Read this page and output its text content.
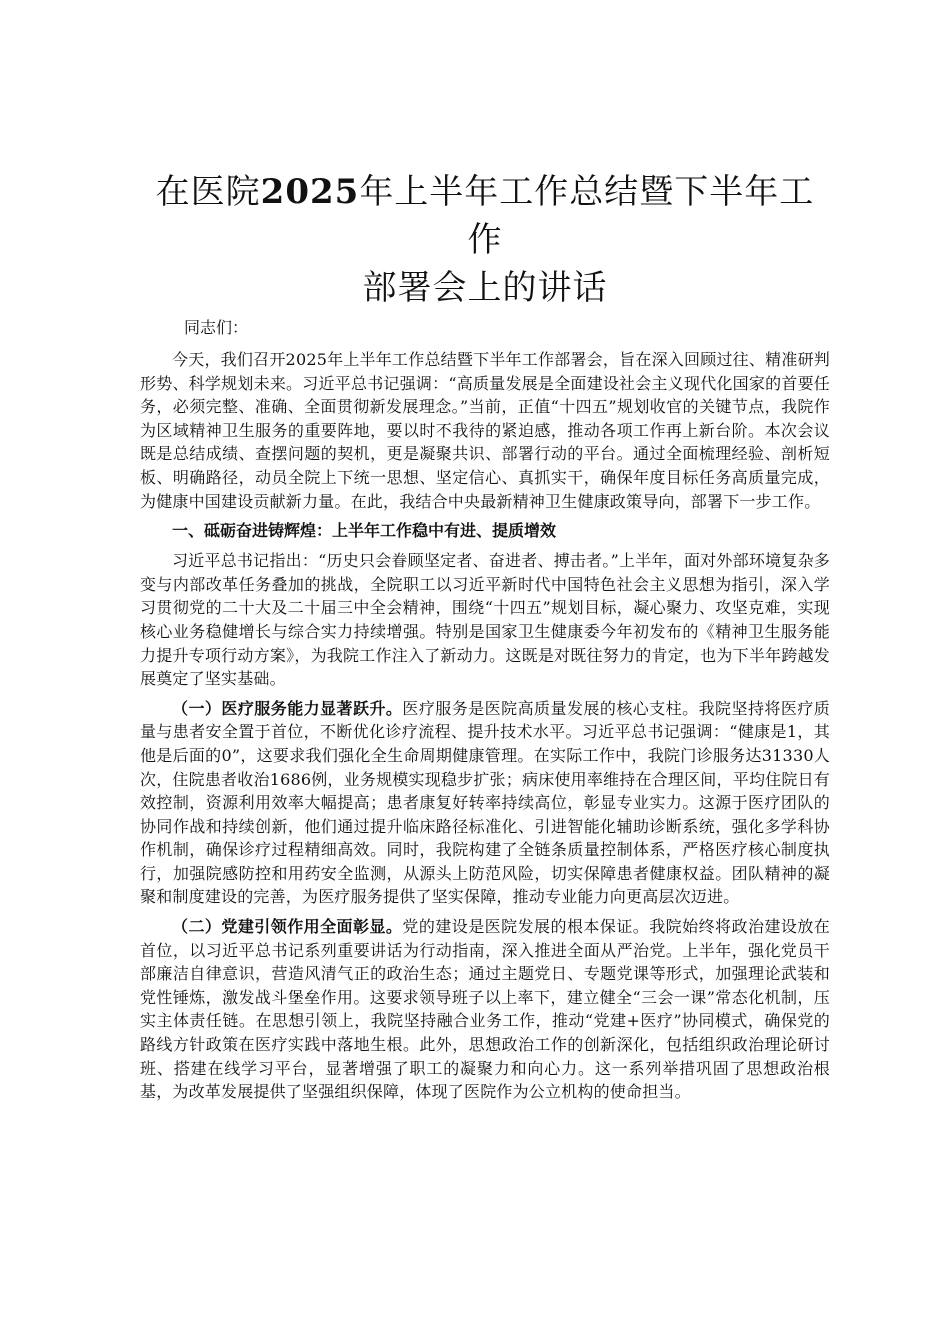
在医院2025年上半年工作总结暨下半年工作
部署会上的讲话
同志们：

今天，我们召开2025年上半年工作总结暨下半年工作部署会，旨在深入回顾过往、精准研判形势、科学规划未来。习近平总书记强调：“高质量发展是全面建设社会主义现代化国家的首要任务，必须完整、准确、全面贯彻新发展理念。”当前，正值“十四五”规划收官的关键节点，我院作为区域精神卫生服务的重要阵地，要以时不我待的紧迫感，推动各项工作再上新台阶。本次会议既是总结成绩、查摆问题的契机，更是凝聚共识、部署行动的平台。通过全面梳理经验、剖析短板、明确路径，动员全院上下统一思想、坚定信心、真抓实干，确保年度目标任务高质量完成，为健康中国建设贡献新力量。在此，我结合中央最新精神卫生健康政策导向，部署下一步工作。

一、砥砺奋进铸辉煌：上半年工作稳中有进、提质增效

习近平总书记指出：“历史只会眷顾坚定者、奋进者、搏击者。”上半年，面对外部环境复杂多变与内部改革任务叠加的挑战，全院职工以习近平新时代中国特色社会主义思想为指引，深入学习贯彻党的二十大及二十届三中全会精神，围绕“十四五”规划目标，凝心聚力、攻坚克难，实现核心业务稳健增长与综合实力持续增强。特别是国家卫生健康委今年初发布的《精神卫生服务能力提升专项行动方案》，为我院工作注入了新动力。这既是对既往努力的肯定，也为下半年跨越发展奠定了坚实基础。

（一）医疗服务能力显著跃升。医疗服务是医院高质量发展的核心支柱。我院坚持将医疗质量与患者安全置于首位，不断优化诊疗流程、提升技术水平。习近平总书记强调：“健康是1，其他是后面的0”，这要求我们强化全生命周期健康管理。在实际工作中，我院门诊服务达31330人次，住院患者收治1686例，业务规模实现稳步扩张；病床使用率维持在合理区间，平均住院日有效控制，资源利用效率大幅提高；患者康复好转率持续高位，彰显专业实力。这源于医疗团队的协同作战和持续创新，他们通过提升临床路径标准化、引进智能化辅助诊断系统，强化多学科协作机制，确保诊疗过程精细高效。同时，我院构建了全链条质量控制体系，严格医疗核心制度执行，加强院感防控和用药安全监测，从源头上防范风险，切实保障患者健康权益。团队精神的凝聚和制度建设的完善，为医疗服务提供了坚实保障，推动专业能力向更高层次迈进。

（二）党建引领作用全面彰显。党的建设是医院发展的根本保证。我院始终将政治建设放在首位，以习近平总书记系列重要讲话为行动指南，深入推进全面从严治党。上半年，强化党员干部廉洁自律意识，营造风清气正的政治生态；通过主题党日、专题党课等形式，加强理论武装和党性锤炼，激发战斗堡垒作用。这要求领导班子以上率下，建立健全“三会一课”常态化机制，压实主体责任链。在思想引领上，我院坚持融合业务工作，推动“党建+医疗”协同模式，确保党的路线方针政策在医疗实践中落地生根。此外，思想政治工作的创新深化，包括组织政治理论研讨班、搭建在线学习平台，显著增强了职工的凝聚力和向心力。这一系列举措巩固了思想政治根基，为改革发展提供了坚强组织保障，体现了医院作为公立机构的使命担当。
